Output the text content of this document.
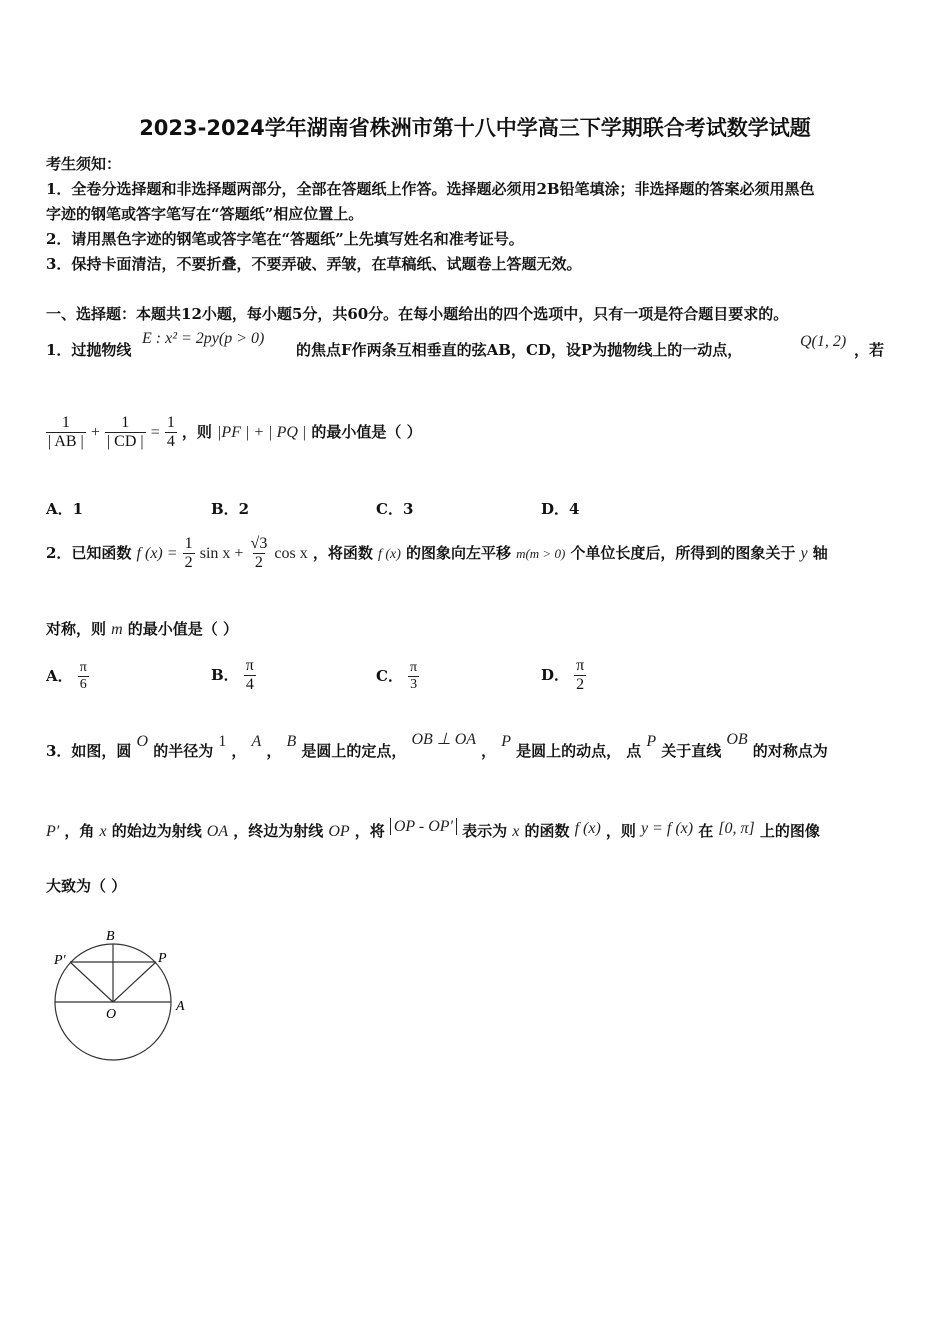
2023-2024学年湖南省株洲市第十八中学高三下学期联合考试数学试题
考生须知：
1．全卷分选择题和非选择题两部分，全部在答题纸上作答。选择题必须用2B铅笔填涂；非选择题的答案必须用黑色
字迹的钢笔或答字笔写在“答题纸”相应位置上。
2．请用黑色字迹的钢笔或答字笔在“答题纸”上先填写姓名和准考证号。
3．保持卡面清洁，不要折叠，不要弄破、弄皱，在草稿纸、试题卷上答题无效。
一、选择题：本题共12小题，每小题5分，共60分。在每小题给出的四个选项中，只有一项是符合题目要求的。
1．过抛物线
E : x² = 2py(p > 0)
的焦点F作两条互相垂直的弦AB，CD，设P为抛物线上的一动点，	Q(1, 2) ，若
$\frac{1}{| AB |} + \frac{1}{| CD |} = \frac{1}{4}$ ，则 |PF | + | PQ | 的最小值是（ ）
A．1	B．2	C．3	D．4
2．已知函数 f $(x) = \frac{1}{2}$ $\sin x + \frac{√3}{2}$ cos x ，将函数 f (x) 的图象向左平移 m(m > 0) 个单位长度后，所得到的图象关于 y 轴
对称，则 m 的最小值是（ ）
A． $\frac{\pi}{6}$	B． $\frac{\pi}{4}$	C． $\frac{\pi}{3}$	D． $\frac{\pi}{2}$
3．如图，圆 O 的半径为 1 ， A ， B 是圆上的定点， OB ⊥ OA ， P 是圆上的动点， 点 P 关于直线 OB 的对称点为
P′ ，角 x 的始边为射线 OA ，终边为射线 OP ，将 OP - OP′ 表示为 x 的函数 f (x) ，则 y = f (x) 在 [0, π] 上的图像
大致为（ ）
B
P
P′
O
A
